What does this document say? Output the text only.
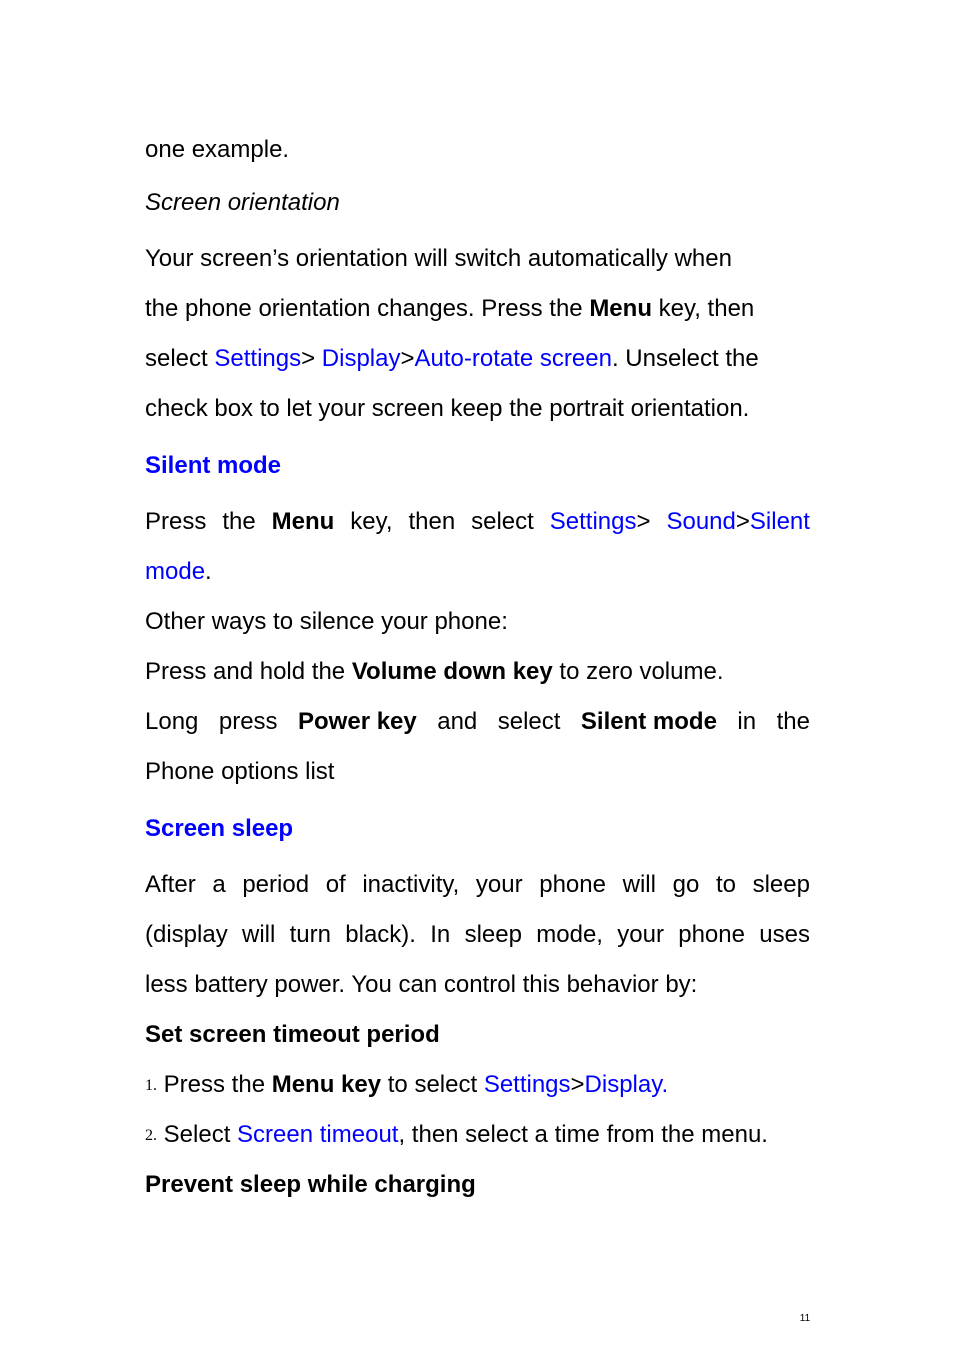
one example.
Screen orientation
Your screen’s orientation will switch automatically when
the phone orientation changes. Press the Menu key, then
select Settings> Display>Auto-rotate screen. Unselect the
check box to let your screen keep the portrait orientation.
Silent mode
Press the Menu key, then select Settings> Sound>Silent
mode.
Other ways to silence your phone:
Press and hold the Volume down key to zero volume.
Long press Power key and select Silent mode in the
Phone options list
Screen sleep
After a period of inactivity, your phone will go to sleep
(display will turn black). In sleep mode, your phone uses
less battery power. You can control this behavior by:
Set screen timeout period
1. Press the Menu key to select Settings>Display.
2. Select Screen timeout, then select a time from the menu.
Prevent sleep while charging
11
